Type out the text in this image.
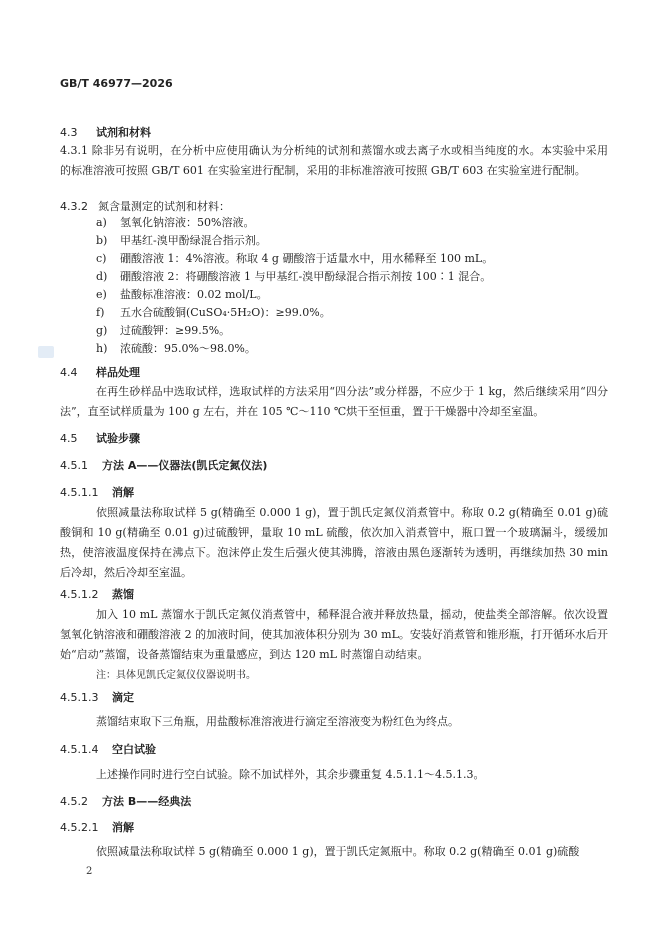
GB/T 46977—2026
4.3 试剂和材料
4.3.1 除非另有说明，在分析中应使用确认为分析纯的试剂和蒸馏水或去离子水或相当纯度的水。本实验中采用的标准溶液可按照 GB/T 601 在实验室进行配制，采用的非标准溶液可按照 GB/T 603 在实验室进行配制。
4.3.2 氮含量测定的试剂和材料：
a) 氢氧化钠溶液：50%溶液。
b) 甲基红-溴甲酚绿混合指示剂。
c) 硼酸溶液 1：4%溶液。称取 4 g 硼酸溶于适量水中，用水稀释至 100 mL。
d) 硼酸溶液 2：将硼酸溶液 1 与甲基红-溴甲酚绿混合指示剂按 100∶1 混合。
e) 盐酸标准溶液：0.02 mol/L。
f) 五水合硫酸铜(CuSO₄·5H₂O)：≥99.0%。
g) 过硫酸钾：≥99.5%。
h) 浓硫酸：95.0%～98.0%。
4.4 样品处理
在再生砂样品中选取试样，选取试样的方法采用“四分法”或分样器，不应少于 1 kg，然后继续采用“四分法”，直至试样质量为 100 g 左右，并在 105 ℃～110 ℃烘干至恒重，置于干燥器中冷却至室温。
4.5 试验步骤
4.5.1 方法 A——仪器法(凯氏定氮仪法)
4.5.1.1 消解
依照减量法称取试样 5 g(精确至 0.000 1 g)，置于凯氏定氮仪消煮管中。称取 0.2 g(精确至 0.01 g)硫酸铜和 10 g(精确至 0.01 g)过硫酸钾，量取 10 mL 硫酸，依次加入消煮管中，瓶口置一个玻璃漏斗，缓缓加热，使溶液温度保持在沸点下。泡沫停止发生后强火使其沸腾，溶液由黑色逐渐转为透明，再继续加热 30 min 后冷却，然后冷却至室温。
4.5.1.2 蒸馏
加入 10 mL 蒸馏水于凯氏定氮仪消煮管中，稀释混合液并释放热量，摇动，使盐类全部溶解。依次设置氢氧化钠溶液和硼酸溶液 2 的加液时间，使其加液体积分别为 30 mL。安装好消煮管和锥形瓶，打开循环水后开始“启动”蒸馏，设备蒸馏结束为重量感应，到达 120 mL 时蒸馏自动结束。
注：具体见凯氏定氮仪仪器说明书。
4.5.1.3 滴定
蒸馏结束取下三角瓶，用盐酸标准溶液进行滴定至溶液变为粉红色为终点。
4.5.1.4 空白试验
上述操作同时进行空白试验。除不加试样外，其余步骤重复 4.5.1.1～4.5.1.3。
4.5.2 方法 B——经典法
4.5.2.1 消解
依照减量法称取试样 5 g(精确至 0.000 1 g)，置于凯氏定氮瓶中。称取 0.2 g(精确至 0.01 g)硫酸
2
